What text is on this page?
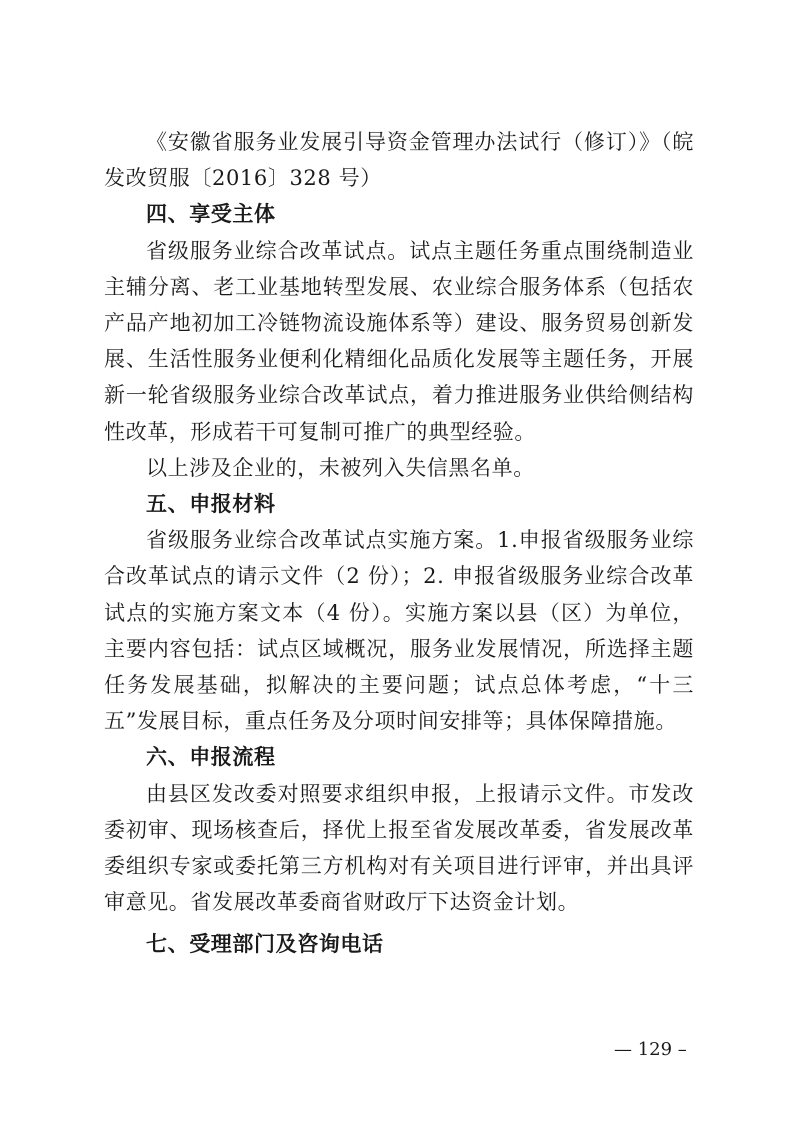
《安徽省服务业发展引导资金管理办法试行（修订）》（皖发改贸服〔2016〕328 号）

四、享受主体

省级服务业综合改革试点。试点主题任务重点围绕制造业主辅分离、老工业基地转型发展、农业综合服务体系（包括农产品产地初加工冷链物流设施体系等）建设、服务贸易创新发展、生活性服务业便利化精细化品质化发展等主题任务，开展新一轮省级服务业综合改革试点，着力推进服务业供给侧结构性改革，形成若干可复制可推广的典型经验。

以上涉及企业的，未被列入失信黑名单。

五、申报材料

省级服务业综合改革试点实施方案。1.申报省级服务业综合改革试点的请示文件（2 份）；2. 申报省级服务业综合改革试点的实施方案文本（4 份）。实施方案以县（区）为单位，主要内容包括：试点区域概况，服务业发展情况，所选择主题任务发展基础，拟解决的主要问题；试点总体考虑，“十三五”发展目标，重点任务及分项时间安排等；具体保障措施。

六、申报流程

由县区发改委对照要求组织申报，上报请示文件。市发改委初审、现场核查后，择优上报至省发展改革委，省发展改革委组织专家或委托第三方机构对有关项目进行评审，并出具评审意见。省发展改革委商省财政厅下达资金计划。

七、受理部门及咨询电话

— 129 –
